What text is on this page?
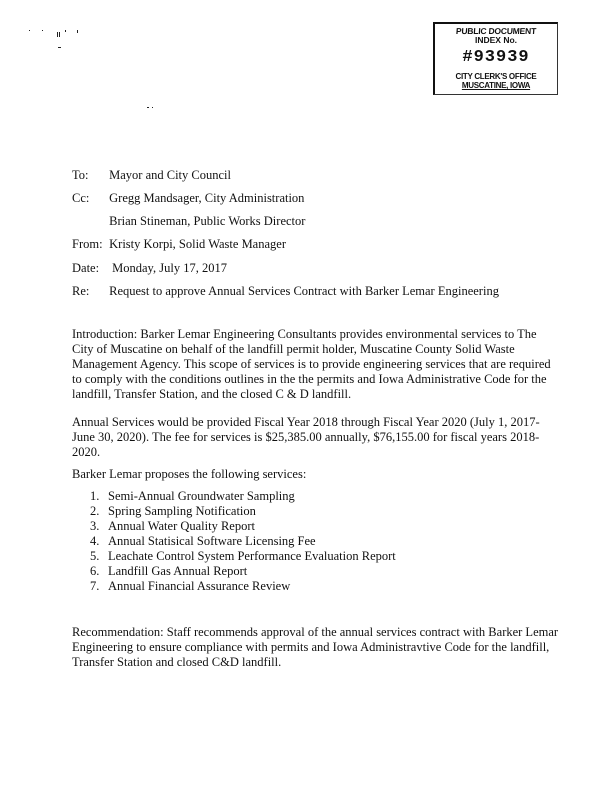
PUBLIC DOCUMENT
INDEX No.
#93939
CITY CLERK'S OFFICE
MUSCATINE, IOWA
To: Mayor and City Council
Cc: Gregg Mandsager, City Administration
Brian Stineman, Public Works Director
From: Kristy Korpi, Solid Waste Manager
Date: Monday, July 17, 2017
Re: Request to approve Annual Services Contract with Barker Lemar Engineering
Introduction: Barker Lemar Engineering Consultants provides environmental services to The
City of Muscatine on behalf of the landfill permit holder, Muscatine County Solid Waste
Management Agency. This scope of services is to provide engineering services that are required
to comply with the conditions outlines in the the permits and Iowa Administrative Code for the
landfill, Transfer Station, and the closed C & D landfill.
Annual Services would be provided Fiscal Year 2018 through Fiscal Year 2020 (July 1, 2017-
June 30, 2020). The fee for services is $25,385.00 annually, $76,155.00 for fiscal years 2018-
2020.
Barker Lemar proposes the following services:
1. Semi-Annual Groundwater Sampling
2. Spring Sampling Notification
3. Annual Water Quality Report
4. Annual Statisical Software Licensing Fee
5. Leachate Control System Performance Evaluation Report
6. Landfill Gas Annual Report
7. Annual Financial Assurance Review
Recommendation: Staff recommends approval of the annual services contract with Barker Lemar
Engineering to ensure compliance with permits and Iowa Administravtive Code for the landfill,
Transfer Station and closed C&D landfill.
